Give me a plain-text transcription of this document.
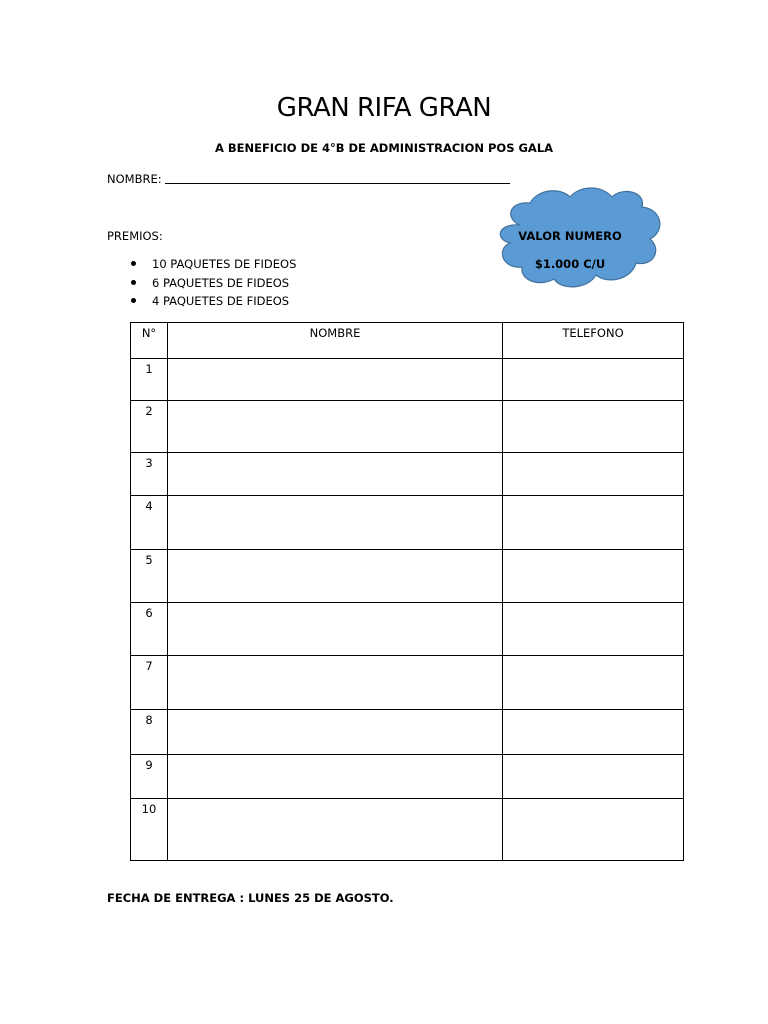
GRAN RIFA GRAN
A BENEFICIO DE 4°B DE ADMINISTRACION POS GALA
NOMBRE:
PREMIOS:
10 PAQUETES DE FIDEOS
6 PAQUETES DE FIDEOS
4 PAQUETES DE FIDEOS
VALOR NUMERO
$1.000 C/U
N°	NOMBRE	TELEFONO

1		

2		

3		

4		

5		

6		

7		

8		

9		

10		

FECHA DE ENTREGA : LUNES 25 DE AGOSTO.
